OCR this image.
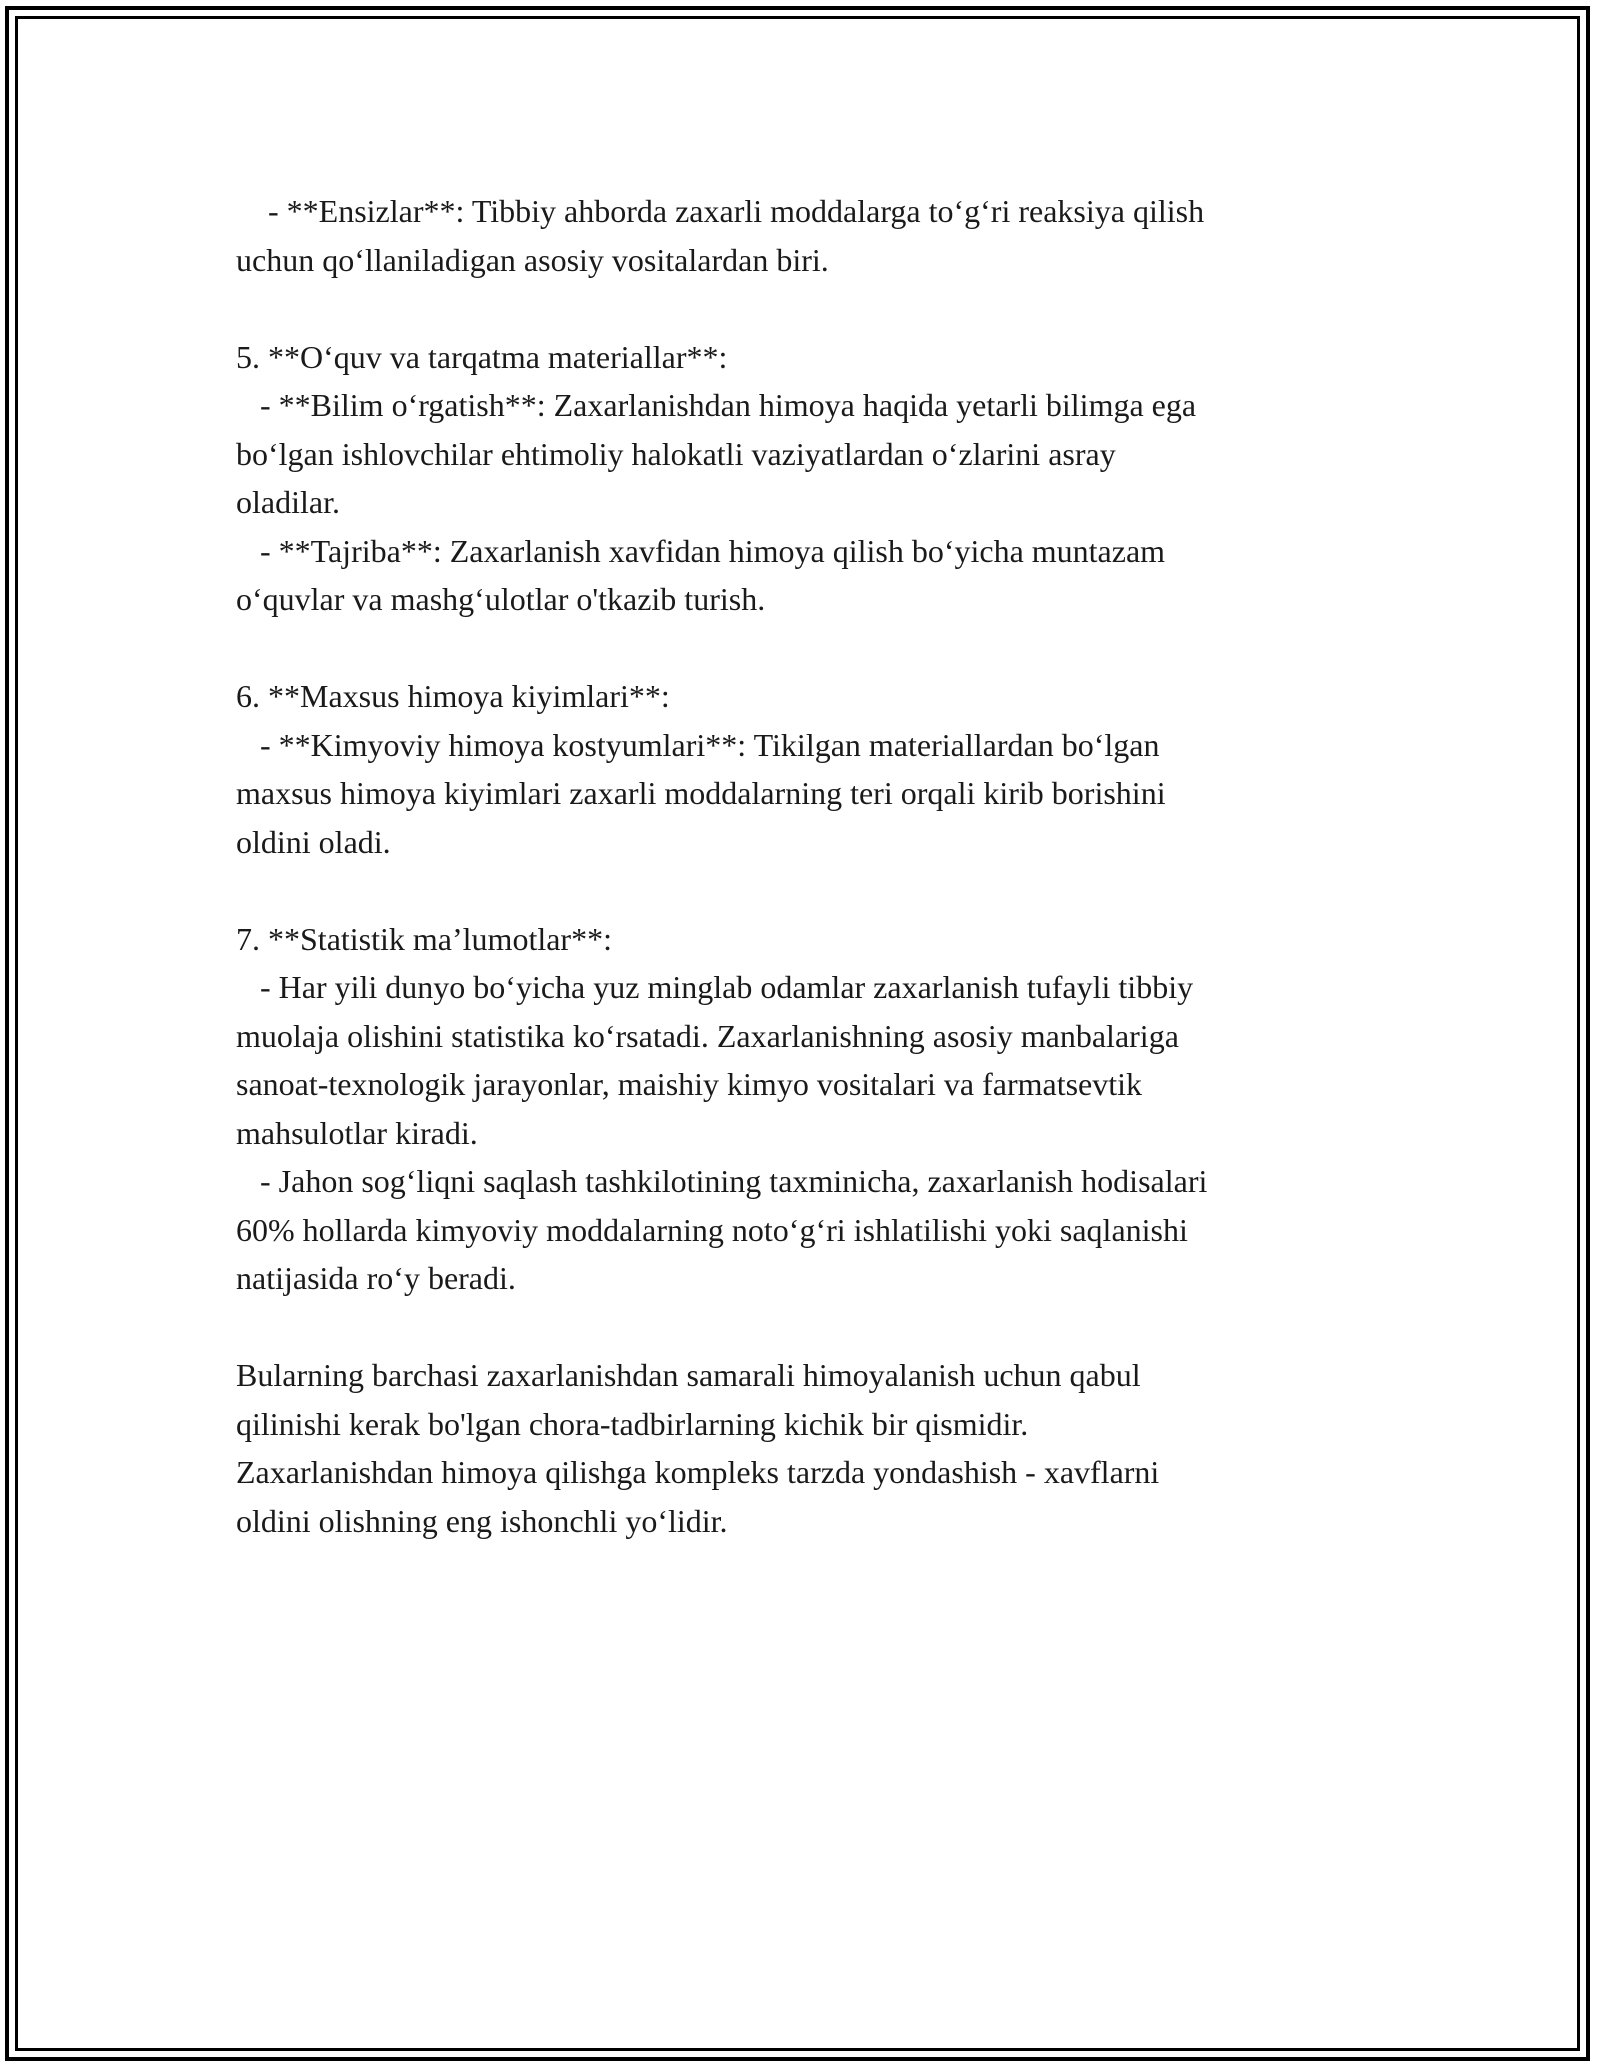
- **Ensizlar**: Tibbiy ahborda zaxarli moddalarga to‘g‘ri reaksiya qilish
uchun qo‘llaniladigan asosiy vositalardan biri.
5. **O‘quv va tarqatma materiallar**:
- **Bilim o‘rgatish**: Zaxarlanishdan himoya haqida yetarli bilimga ega
bo‘lgan ishlovchilar ehtimoliy halokatli vaziyatlardan o‘zlarini asray
oladilar.
- **Tajriba**: Zaxarlanish xavfidan himoya qilish bo‘yicha muntazam
o‘quvlar va mashg‘ulotlar o'tkazib turish.
6. **Maxsus himoya kiyimlari**:
- **Kimyoviy himoya kostyumlari**: Tikilgan materiallardan bo‘lgan
maxsus himoya kiyimlari zaxarli moddalarning teri orqali kirib borishini
oldini oladi.
7. **Statistik ma’lumotlar**:
- Har yili dunyo bo‘yicha yuz minglab odamlar zaxarlanish tufayli tibbiy
muolaja olishini statistika ko‘rsatadi. Zaxarlanishning asosiy manbalariga
sanoat-texnologik jarayonlar, maishiy kimyo vositalari va farmatsevtik
mahsulotlar kiradi.
- Jahon sog‘liqni saqlash tashkilotining taxminicha, zaxarlanish hodisalari
60% hollarda kimyoviy moddalarning noto‘g‘ri ishlatilishi yoki saqlanishi
natijasida ro‘y beradi.
Bularning barchasi zaxarlanishdan samarali himoyalanish uchun qabul
qilinishi kerak bo'lgan chora-tadbirlarning kichik bir qismidir.
Zaxarlanishdan himoya qilishga kompleks tarzda yondashish - xavflarni
oldini olishning eng ishonchli yo‘lidir.
